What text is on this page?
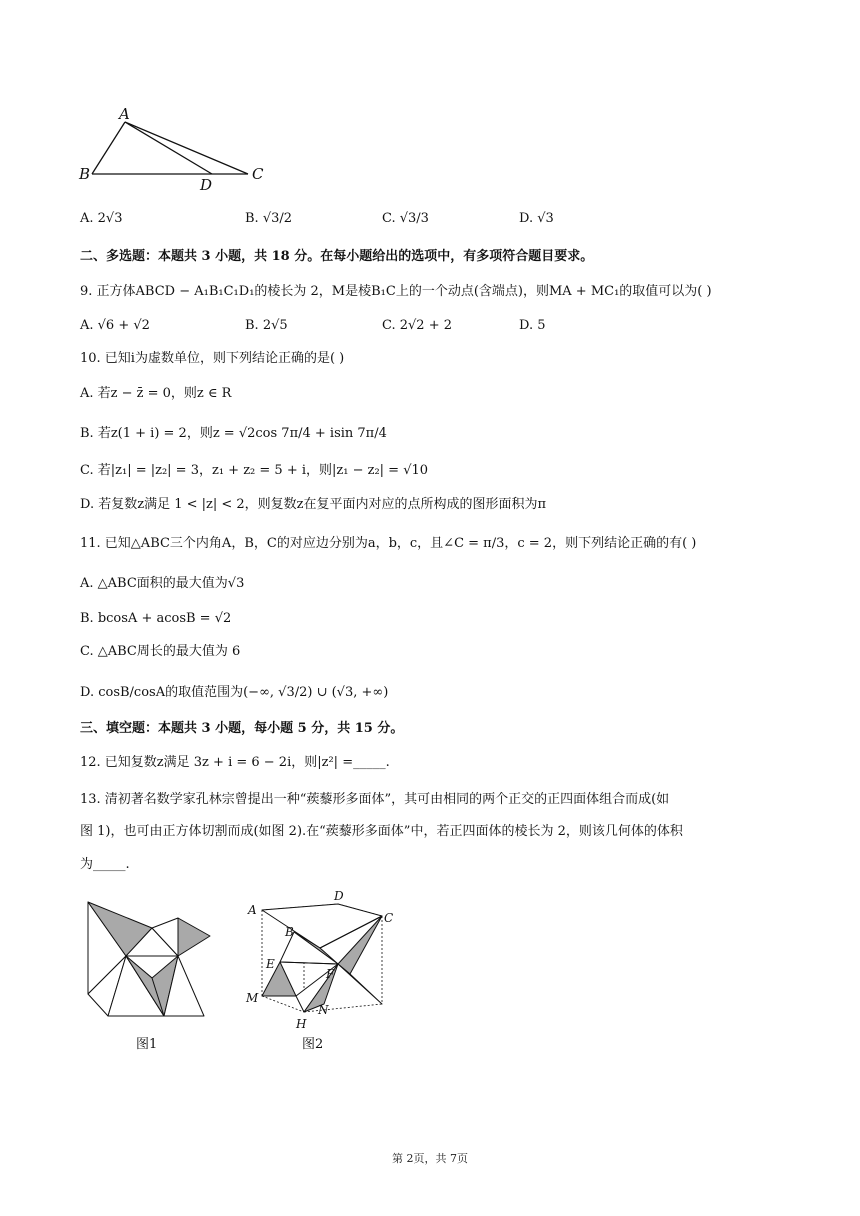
A
B	C
D
A. 2√3	B. √3/2	C. √3/3	D. √3
二、多选题：本题共 3 小题，共 18 分。在每小题给出的选项中，有多项符合题目要求。
9. 正方体ABCD − A₁B₁C₁D₁的棱长为 2，M是棱B₁C上的一个动点(含端点)，则MA + MC₁的取值可以为( )
A. √6 + √2	B. 2√5	C. 2√2 + 2	D. 5
10. 已知i为虚数单位，则下列结论正确的是( )
A. 若z − z̄ = 0，则z ∈ R
B. 若z(1 + i) = 2，则z = √2cos 7π/4 + isin 7π/4
C. 若|z₁| = |z₂| = 3，z₁ + z₂ = 5 + i，则|z₁ − z₂| = √10
D. 若复数z满足 1 < |z| < 2，则复数z在复平面内对应的点所构成的图形面积为π
11. 已知△ABC三个内角A，B，C的对应边分别为a，b，c，且∠C = π/3，c = 2，则下列结论正确的有( )
A. △ABC面积的最大值为√3
B. bcosA + acosB = √2
C. △ABC周长的最大值为 6
D. cosB/cosA的取值范围为(−∞, √3/2) ∪ (√3, +∞)
三、填空题：本题共 3 小题，每小题 5 分，共 15 分。
12. 已知复数z满足 3z + i = 6 − 2i，则|z²| =_____.
13. 清初著名数学家孔林宗曾提出一种“蒺藜形多面体”，其可由相同的两个正交的正四面体组合而成(如
图 1)，也可由正方体切割而成(如图 2).在“蒺藜形多面体”中，若正四面体的棱长为 2，则该几何体的体积
为_____.
图1
A
D
C
B
E
F
M
N
H
图2
第 2页，共 7页
